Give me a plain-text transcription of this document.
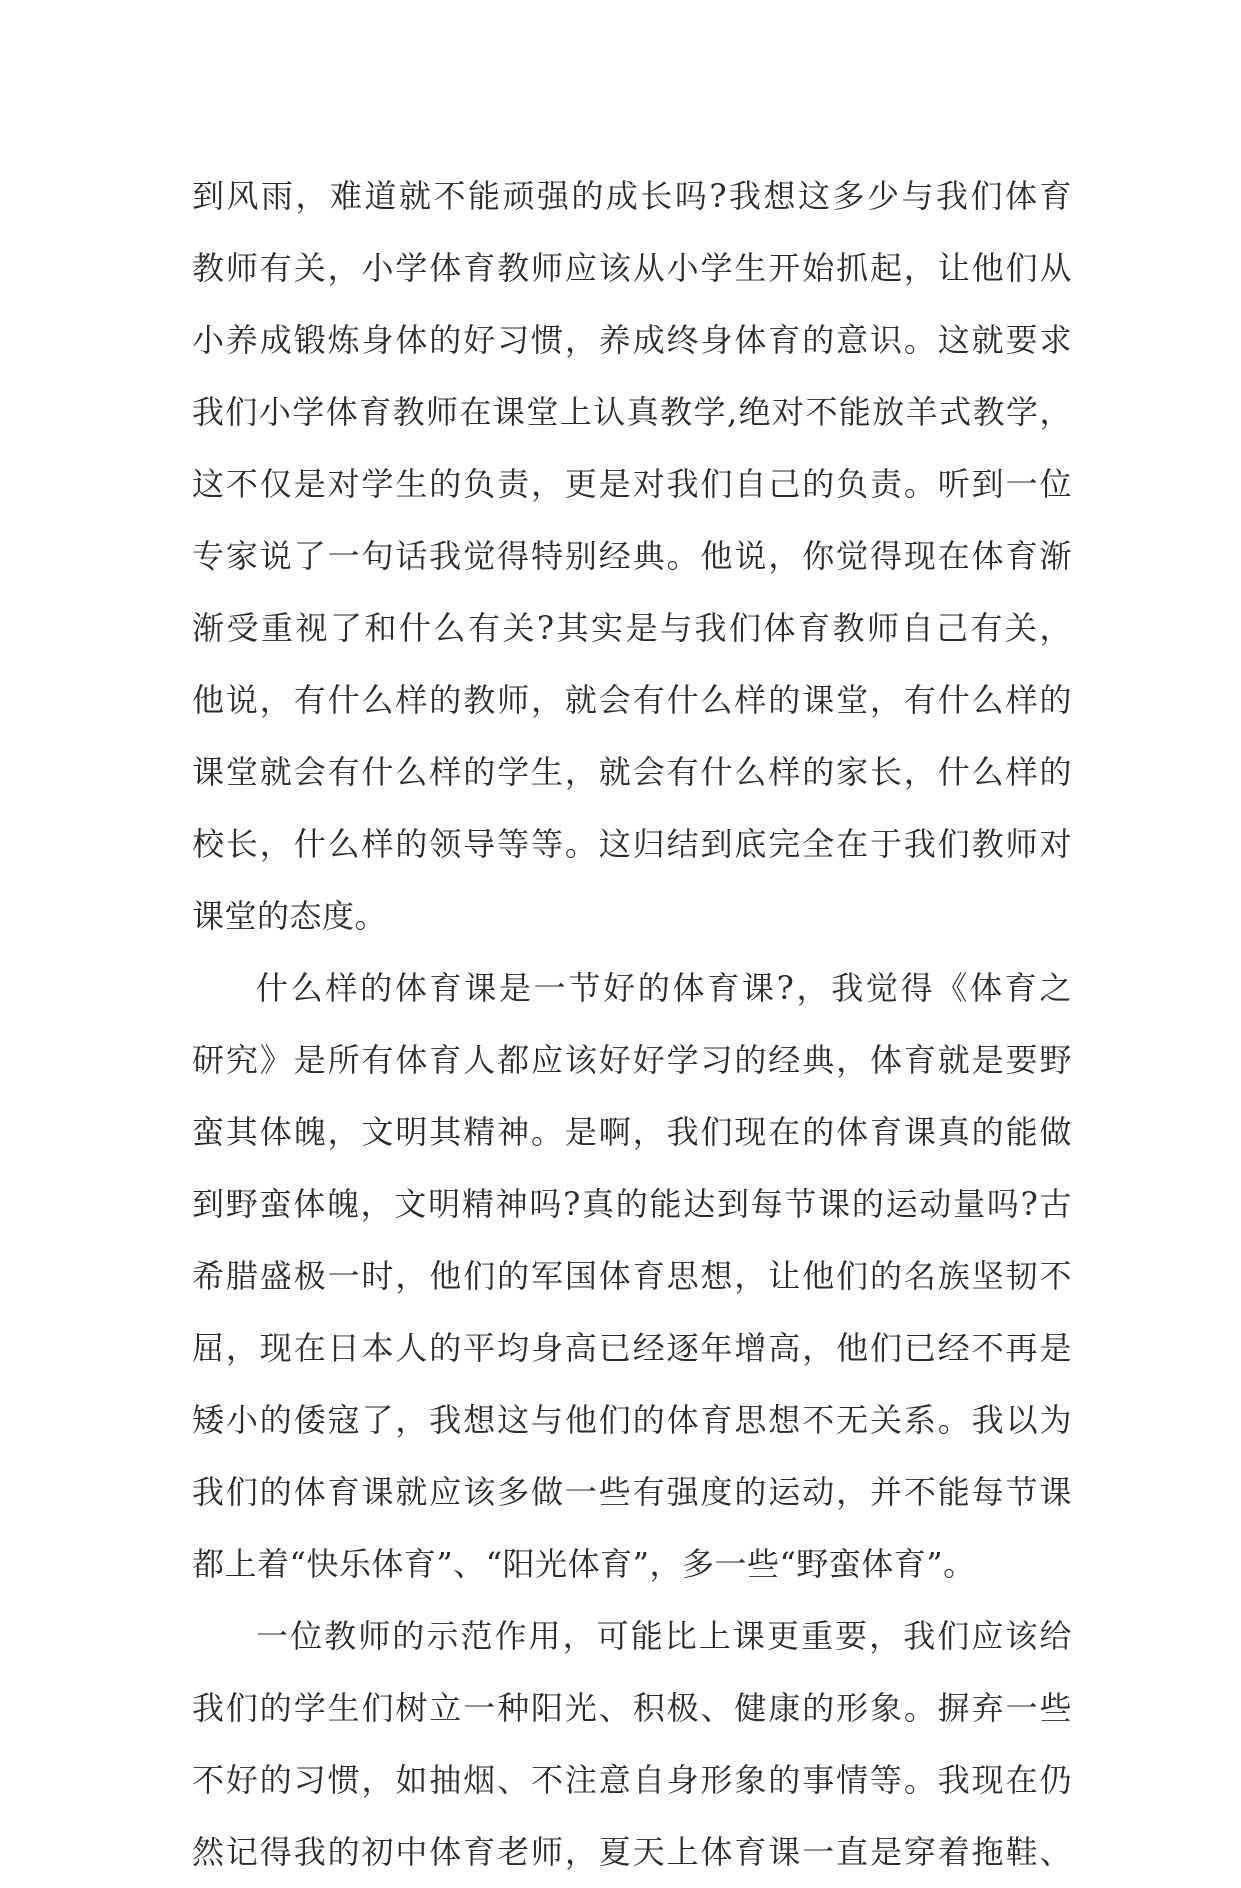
到风雨，难道就不能顽强的成长吗?我想这多少与我们体育
教师有关，小学体育教师应该从小学生开始抓起，让他们从
小养成锻炼身体的好习惯，养成终身体育的意识。这就要求
我们小学体育教师在课堂上认真教学,绝对不能放羊式教学，
这不仅是对学生的负责，更是对我们自己的负责。听到一位
专家说了一句话我觉得特别经典。他说，你觉得现在体育渐
渐受重视了和什么有关?其实是与我们体育教师自己有关，
他说，有什么样的教师，就会有什么样的课堂，有什么样的
课堂就会有什么样的学生，就会有什么样的家长，什么样的
校长，什么样的领导等等。这归结到底完全在于我们教师对
课堂的态度。
什么样的体育课是一节好的体育课?，我觉得《体育之
研究》是所有体育人都应该好好学习的经典，体育就是要野
蛮其体魄，文明其精神。是啊，我们现在的体育课真的能做
到野蛮体魄，文明精神吗?真的能达到每节课的运动量吗?古
希腊盛极一时，他们的军国体育思想，让他们的名族坚韧不
屈，现在日本人的平均身高已经逐年增高，他们已经不再是
矮小的倭寇了，我想这与他们的体育思想不无关系。我以为
我们的体育课就应该多做一些有强度的运动，并不能每节课
都上着“快乐体育”、“阳光体育”，多一些“野蛮体育”。
一位教师的示范作用，可能比上课更重要，我们应该给
我们的学生们树立一种阳光、积极、健康的形象。摒弃一些
不好的习惯，如抽烟、不注意自身形象的事情等。我现在仍
然记得我的初中体育老师，夏天上体育课一直是穿着拖鞋、
